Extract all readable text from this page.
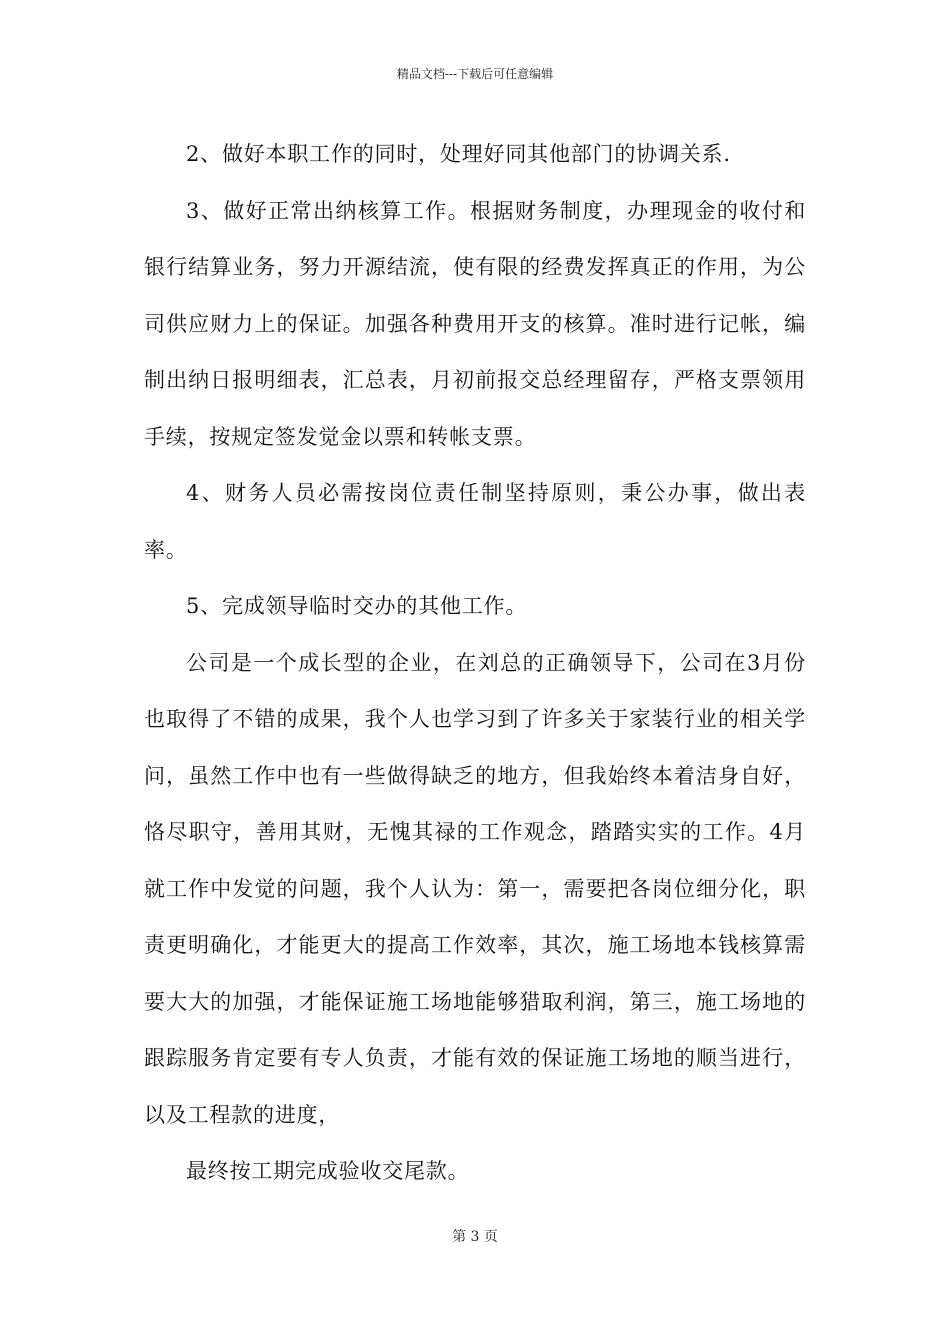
精品文档---下载后可任意编辑

2、做好本职工作的同时，处理好同其他部门的协调关系.

3、做好正常出纳核算工作。根据财务制度，办理现金的收付和银行结算业务，努力开源结流，使有限的经费发挥真正的作用，为公司供应财力上的保证。加强各种费用开支的核算。准时进行记帐，编制出纳日报明细表，汇总表，月初前报交总经理留存，严格支票领用手续，按规定签发觉金以票和转帐支票。

4、财务人员必需按岗位责任制坚持原则，秉公办事，做出表率。

5、完成领导临时交办的其他工作。

公司是一个成长型的企业，在刘总的正确领导下，公司在3月份也取得了不错的成果，我个人也学习到了许多关于家装行业的相关学问，虽然工作中也有一些做得缺乏的地方，但我始终本着洁身自好，恪尽职守，善用其财，无愧其禄的工作观念，踏踏实实的工作。4月就工作中发觉的问题，我个人认为：第一，需要把各岗位细分化，职责更明确化，才能更大的提高工作效率，其次，施工场地本钱核算需要大大的加强，才能保证施工场地能够猎取利润，第三，施工场地的跟踪服务肯定要有专人负责，才能有效的保证施工场地的顺当进行，以及工程款的进度，

最终按工期完成验收交尾款。

第 3 页
